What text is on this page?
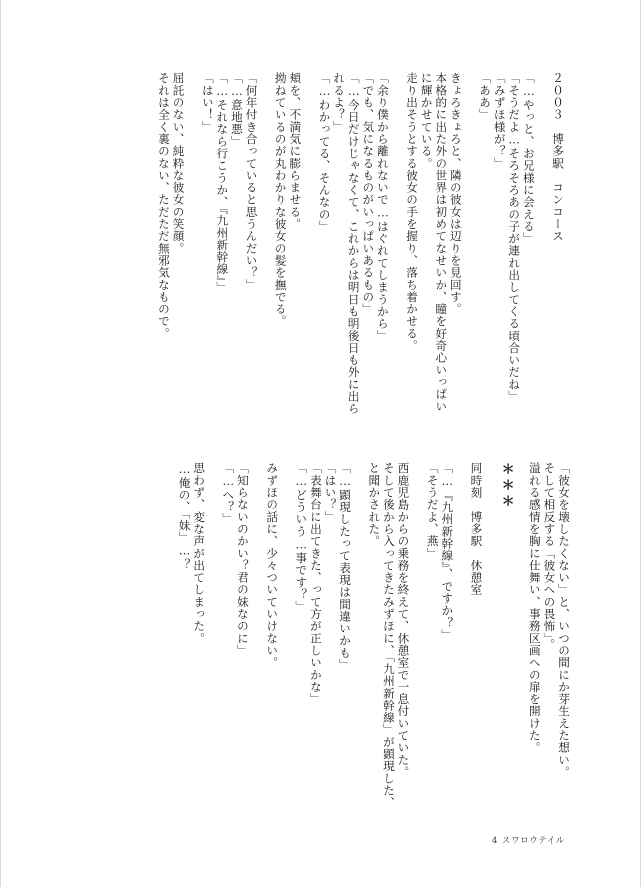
２００３　博多駅　コンコース
「…やっと、お兄様に会える」
「そうだよ…そろそろあの子が連れ出してくる頃合いだね」
「みずほ様が？」
「ああ」
きょろきょろと、隣の彼女は辺りを見回す。
本格的に出た外の世界は初めてなせいか、瞳を好奇心いっぱい
に輝かせている。
走り出そうとする彼女の手を握り、落ち着かせる。
「余り僕から離れないで…はぐれてしまうから」
「でも、気になるものがいっぱいあるもの」
「…今日だけじゃなくて、これからは明日も明後日も外に出ら
れるよ？」
「…わかってる、そんなの」
頬を、不満気に膨らませる。
拗ねているのが丸わかりな彼女の髪を撫でる。
「何年付き合っていると思うんだい？」
「…意地悪」
「…それなら行こうか、『九州新幹線』」
「はい！」
屈託のない、純粋な彼女の笑顔。
それは全く裏のない、ただただ無邪気なもので。
「彼女を壊したくない」と、いつの間にか芽生えた想い。
そして相反する「彼女への畏怖」。
溢れる感情を胸に仕舞い、事務区画への扉を開けた。
＊＊＊
同時刻　博多駅　休憩室
「…『九州新幹線』、ですか？」
「そうだよ、燕」
西鹿児島からの乗務を終えて、休憩室で一息付いていた。
そして後から入ってきたみずほに、「九州新幹線」が顕現した、
と聞かされた。
「…顕現したって表現は間違いかも」
「はい？」
「表舞台に出てきた、って方が正しいかな」
「…どういう…事です？」
みずほの話に、少々ついていけない。
「知らないのかい？君の妹なのに」
「…へ？」
思わず、変な声が出てしまった。
…俺の、「妹」…？
4 スワロウテイル
